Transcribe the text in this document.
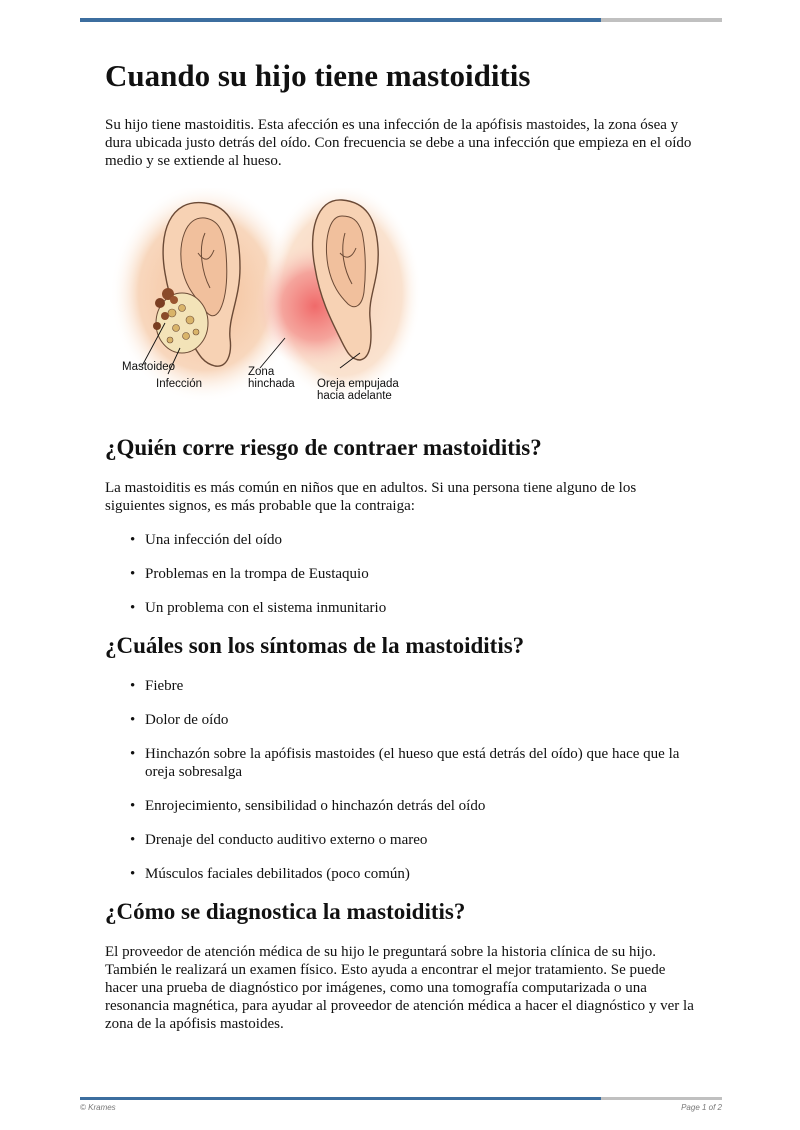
Cuando su hijo tiene mastoiditis

Su hijo tiene mastoiditis. Esta afección es una infección de la apófisis mastoides, la zona ósea y dura ubicada justo detrás del oído. Con frecuencia se debe a una infección que empieza en el oído medio y se extiende al hueso.

Mastoideo
Infección
Zona
hinchada Oreja empujada
hacia adelante
¿Quién corre riesgo de contraer mastoiditis?

La mastoiditis es más común en niños que en adultos. Si una persona tiene alguno de los siguientes signos, es más probable que la contraiga:

• Una infección del oído
• Problemas en la trompa de Eustaquio
• Un problema con el sistema inmunitario
¿Cuáles son los síntomas de la mastoiditis?
• Fiebre
• Dolor de oído
• Hinchazón sobre la apófisis mastoides (el hueso que está detrás del oído) que hace que la oreja sobresalga
• Enrojecimiento, sensibilidad o hinchazón detrás del oído
• Drenaje del conducto auditivo externo o mareo
• Músculos faciales debilitados (poco común)
¿Cómo se diagnostica la mastoiditis?

El proveedor de atención médica de su hijo le preguntará sobre la historia clínica de su hijo. También le realizará un examen físico. Esto ayuda a encontrar el mejor tratamiento. Se puede hacer una prueba de diagnóstico por imágenes, como una tomografía computarizada o una resonancia magnética, para ayudar al proveedor de atención médica a hacer el diagnóstico y ver la zona de la apófisis mastoides.

© Krames	Page 1 of 2
